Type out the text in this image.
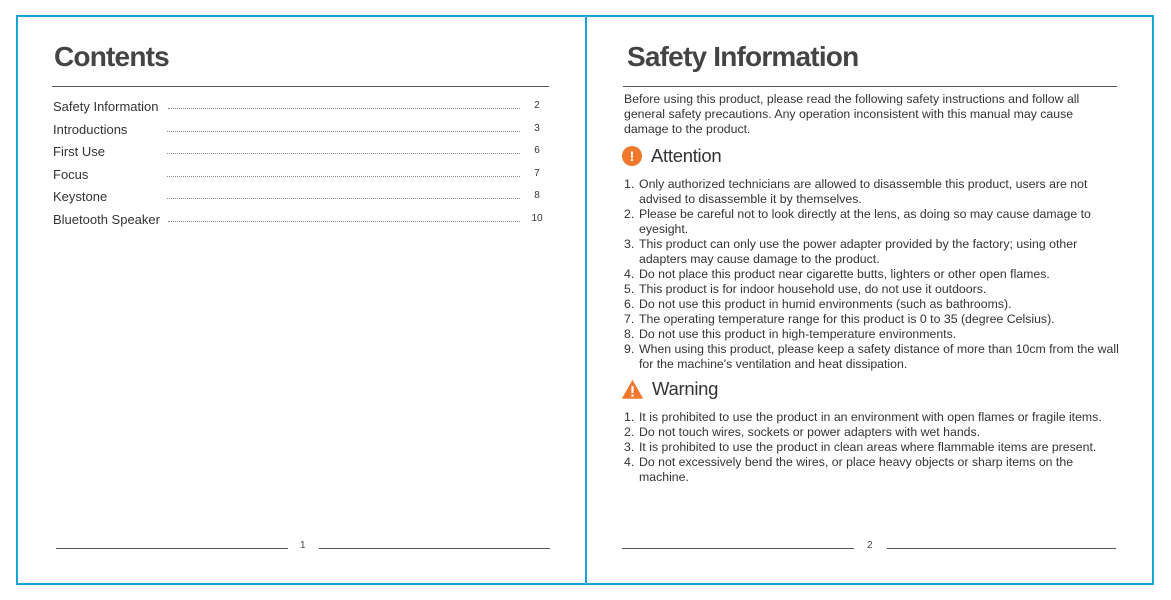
Contents
Safety Information	2
Introductions	3
First Use	6
Focus	7
Keystone	8
Bluetooth Speaker	10
1
Safety Information

Before using this product, please read the following safety instructions and follow all general safety precautions. Any operation inconsistent with this manual may cause damage to the product.

! Attention
1. Only authorized technicians are allowed to disassemble this product, users are not advised to disassemble it by themselves.
2. Please be careful not to look directly at the lens, as doing so may cause damage to eyesight.
3. This product can only use the power adapter provided by the factory; using other adapters may cause damage to the product.
4. Do not place this product near cigarette butts, lighters or other open flames.
5. This product is for indoor household use, do not use it outdoors.
6. Do not use this product in humid environments (such as bathrooms).
7. The operating temperature range for this product is 0 to 35 (degree Celsius).
8. Do not use this product in high-temperature environments.
9. When using this product, please keep a safety distance of more than 10cm from the wall for the machine's ventilation and heat dissipation.
Warning
1. It is prohibited to use the product in an environment with open flames or fragile items.
2. Do not touch wires, sockets or power adapters with wet hands.
3. It is prohibited to use the product in clean areas where flammable items are present.
4. Do not excessively bend the wires, or place heavy objects or sharp items on the machine.
2
